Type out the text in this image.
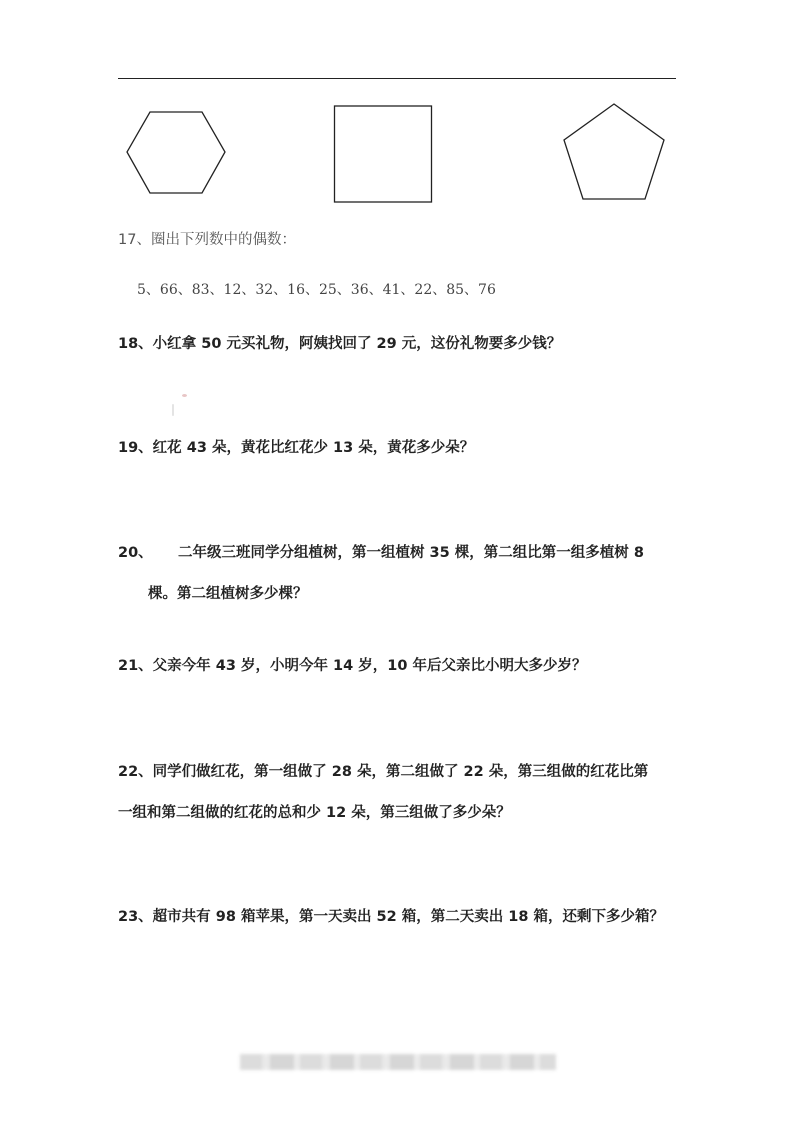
17、圈出下列数中的偶数：
5、66、83、12、32、16、25、36、41、22、85、76
18、小红拿 50 元买礼物，阿姨找回了 29 元，这份礼物要多少钱？
19、红花 43 朵，黄花比红花少 13 朵，黄花多少朵？
20、 二年级三班同学分组植树，第一组植树 35 棵，第二组比第一组多植树 8
棵。第二组植树多少棵？
21、父亲今年 43 岁，小明今年 14 岁，10 年后父亲比小明大多少岁？
22、同学们做红花，第一组做了 28 朵，第二组做了 22 朵，第三组做的红花比第
一组和第二组做的红花的总和少 12 朵，第三组做了多少朵？
23、超市共有 98 箱苹果，第一天卖出 52 箱，第二天卖出 18 箱，还剩下多少箱？
